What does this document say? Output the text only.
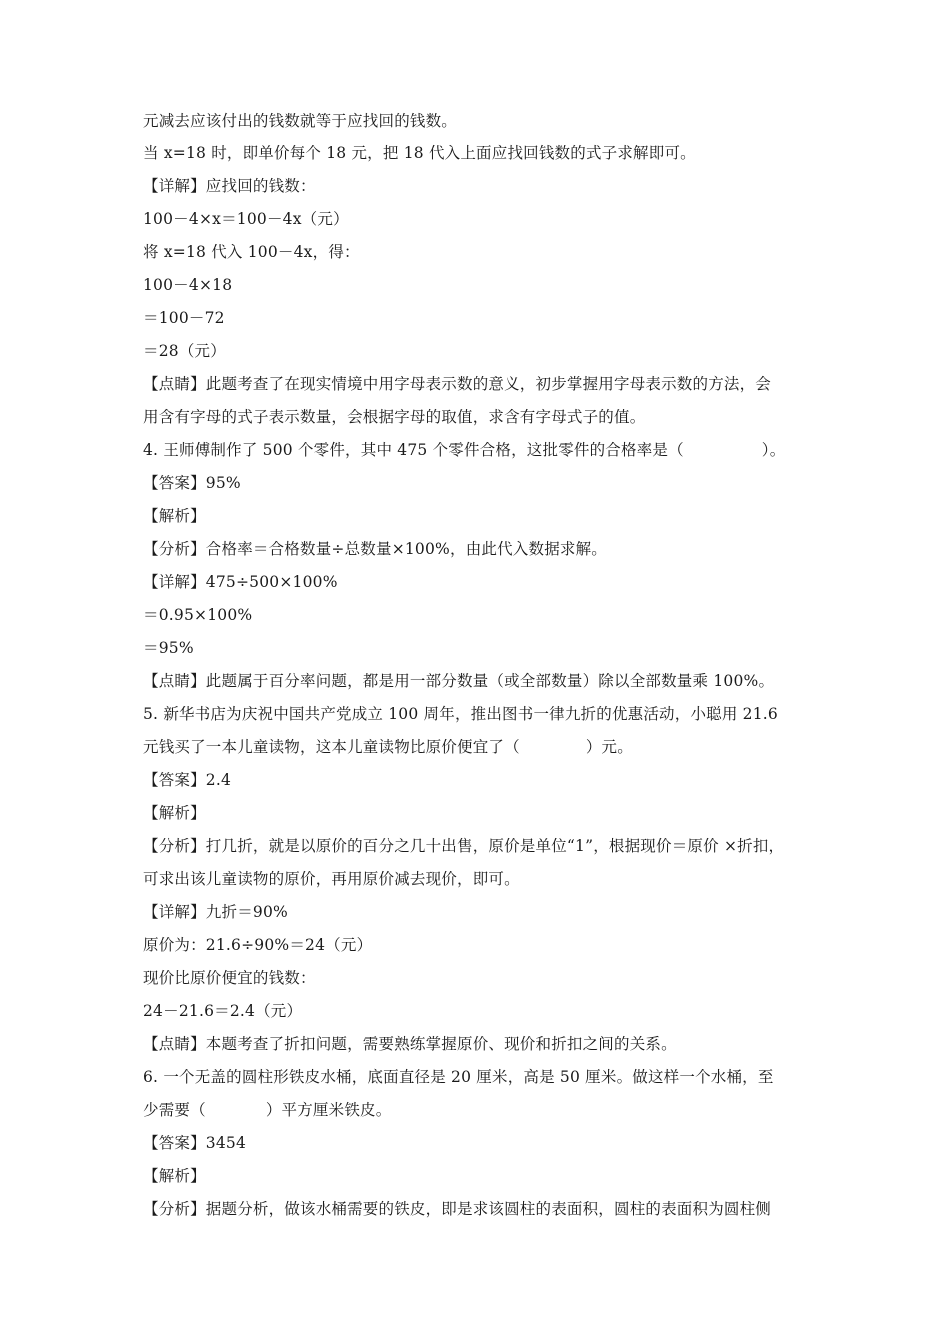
元减去应该付出的钱数就等于应找回的钱数。
当 x=18 时，即单价每个 18 元，把 18 代入上面应找回钱数的式子求解即可。
【详解】应找回的钱数：
100－4×x＝100－4x（元）
将 x=18 代入 100－4x，得：
100－4×18
＝100－72
＝28（元）
【点睛】此题考查了在现实情境中用字母表示数的意义，初步掌握用字母表示数的方法，会
用含有字母的式子表示数量，会根据字母的取值，求含有字母式子的值。
4. 王师傅制作了 500 个零件，其中 475 个零件合格，这批零件的合格率是（	）。
【答案】95%
【解析】
【分析】合格率＝合格数量÷总数量×100%，由此代入数据求解。
【详解】475÷500×100%
＝0.95×100%
＝95%
【点睛】此题属于百分率问题，都是用一部分数量（或全部数量）除以全部数量乘 100%。
5. 新华书店为庆祝中国共产党成立 100 周年，推出图书一律九折的优惠活动，小聪用 21.6
元钱买了一本儿童读物，这本儿童读物比原价便宜了（	）元。
【答案】2.4
【解析】
【分析】打几折，就是以原价的百分之几十出售，原价是单位“1”，根据现价＝原价 ×折扣，
可求出该儿童读物的原价，再用原价减去现价，即可。
【详解】九折＝90%
原价为：21.6÷90%＝24（元）
现价比原价便宜的钱数：
24－21.6＝2.4（元）
【点睛】本题考查了折扣问题，需要熟练掌握原价、现价和折扣之间的关系。
6. 一个无盖的圆柱形铁皮水桶，底面直径是 20 厘米，高是 50 厘米。做这样一个水桶，至
少需要（	）平方厘米铁皮。
【答案】3454
【解析】
【分析】据题分析，做该水桶需要的铁皮，即是求该圆柱的表面积，圆柱的表面积为圆柱侧
